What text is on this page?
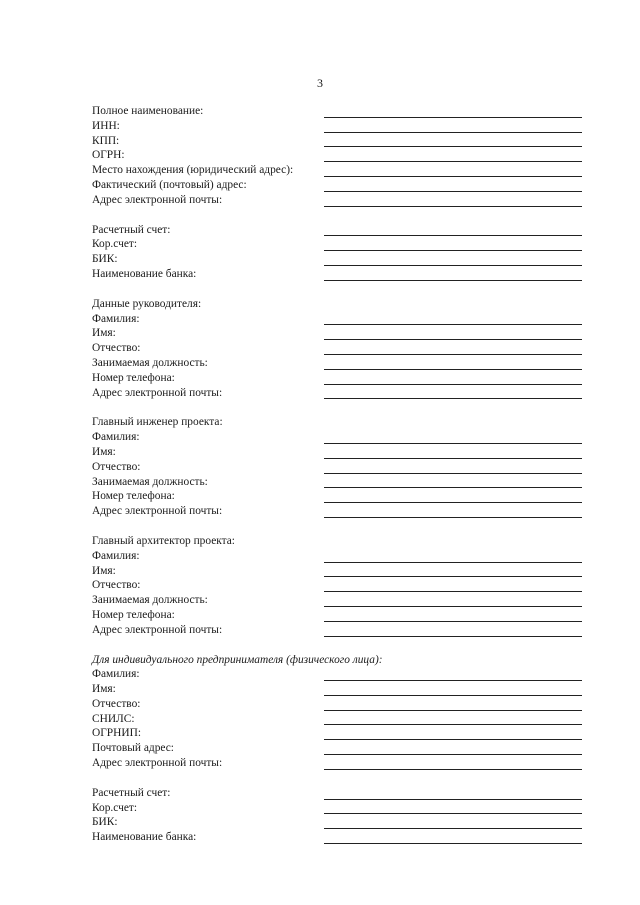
3
Полное наименование:
ИНН:
КПП:
ОГРН:
Место нахождения (юридический адрес):
Фактический (почтовый) адрес:
Адрес электронной почты:
Расчетный счет:
Кор.счет:
БИК:
Наименование банка:
Данные руководителя:
Фамилия:
Имя:
Отчество:
Занимаемая должность:
Номер телефона:
Адрес электронной почты:
Главный инженер проекта:
Фамилия:
Имя:
Отчество:
Занимаемая должность:
Номер телефона:
Адрес электронной почты:
Главный архитектор проекта:
Фамилия:
Имя:
Отчество:
Занимаемая должность:
Номер телефона:
Адрес электронной почты:
Для индивидуального предпринимателя (физического лица):
Фамилия:
Имя:
Отчество:
СНИЛС:
ОГРНИП:
Почтовый адрес:
Адрес электронной почты:
Расчетный счет:
Кор.счет:
БИК:
Наименование банка:
